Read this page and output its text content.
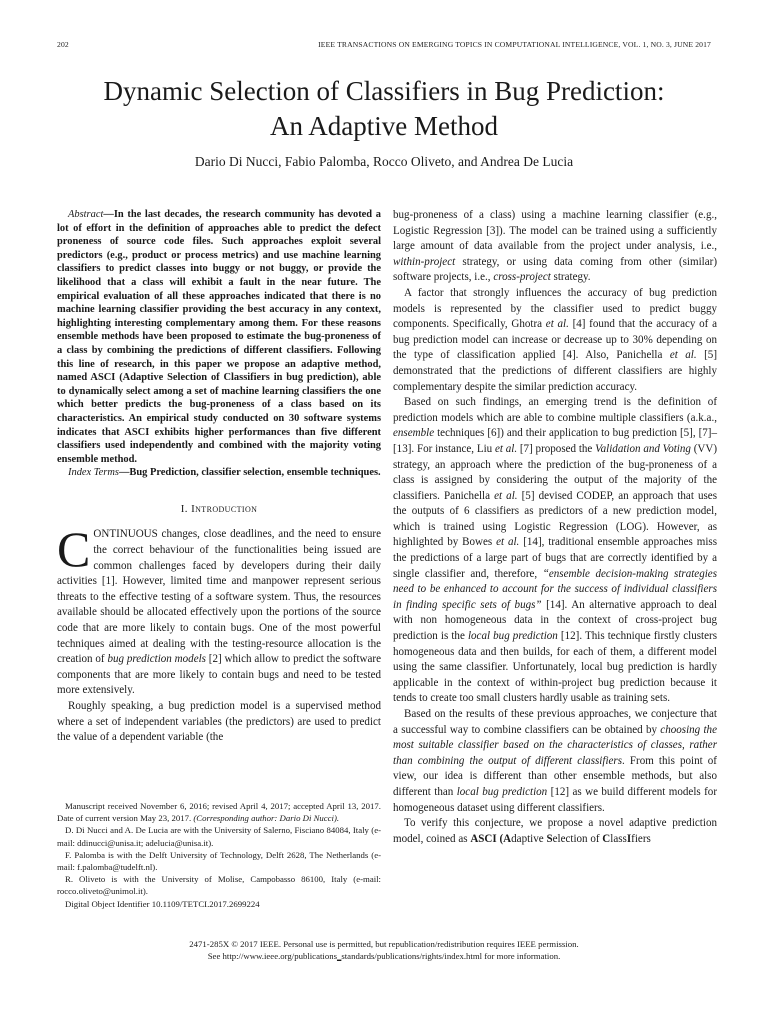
202	IEEE TRANSACTIONS ON EMERGING TOPICS IN COMPUTATIONAL INTELLIGENCE, VOL. 1, NO. 3, JUNE 2017
Dynamic Selection of Classifiers in Bug Prediction:
An Adaptive Method
Dario Di Nucci, Fabio Palomba, Rocco Oliveto, and Andrea De Lucia

Abstract—In the last decades, the research community has devoted a lot of effort in the definition of approaches able to predict the defect proneness of source code files. Such approaches exploit several predictors (e.g., product or process metrics) and use machine learning classifiers to predict classes into buggy or not buggy, or provide the likelihood that a class will exhibit a fault in the near future. The empirical evaluation of all these approaches indicated that there is no machine learning classifier providing the best accuracy in any context, highlighting interesting complementary among them. For these reasons ensemble methods have been proposed to estimate the bug-proneness of a class by combining the predictions of different classifiers. Following this line of research, in this paper we propose an adaptive method, named ASCI (Adaptive Selection of Classifiers in bug prediction), able to dynamically select among a set of machine learning classifiers the one which better predicts the bug-proneness of a class based on its characteristics. An empirical study conducted on 30 software systems indicates that ASCI exhibits higher performances than five different classifiers used independently and combined with the majority voting ensemble method.

Index Terms—Bug Prediction, classifier selection, ensemble techniques.

I. Introduction

CONTINUOUS changes, close deadlines, and the need to ensure the correct behaviour of the functionalities being issued are common challenges faced by developers during their daily activities [1]. However, limited time and manpower represent serious threats to the effective testing of a software system. Thus, the resources available should be allocated effectively upon the portions of the source code that are more likely to contain bugs. One of the most powerful techniques aimed at dealing with the testing-resource allocation is the creation of bug prediction models [2] which allow to predict the software components that are more likely to contain bugs and need to be tested more extensively.

Roughly speaking, a bug prediction model is a supervised method where a set of independent variables (the predictors) are used to predict the value of a dependent variable (the

Manuscript received November 6, 2016; revised April 4, 2017; accepted April 13, 2017. Date of current version May 23, 2017. (Corresponding author: Dario Di Nucci).

D. Di Nucci and A. De Lucia are with the University of Salerno, Fisciano 84084, Italy (e-mail: ddinucci@unisa.it; adelucia@unisa.it).

F. Palomba is with the Delft University of Technology, Delft 2628, The Netherlands (e-mail: f.palomba@tudelft.nl).

R. Oliveto is with the University of Molise, Campobasso 86100, Italy (e-mail: rocco.oliveto@unimol.it).

Digital Object Identifier 10.1109/TETCI.2017.2699224

bug-proneness of a class) using a machine learning classifier (e.g., Logistic Regression [3]). The model can be trained using a sufficiently large amount of data available from the project under analysis, i.e., within-project strategy, or using data coming from other (similar) software projects, i.e., cross-project strategy.

A factor that strongly influences the accuracy of bug prediction models is represented by the classifier used to predict buggy components. Specifically, Ghotra et al. [4] found that the accuracy of a bug prediction model can increase or decrease up to 30% depending on the type of classification applied [4]. Also, Panichella et al. [5] demonstrated that the predictions of different classifiers are highly complementary despite the similar prediction accuracy.

Based on such findings, an emerging trend is the definition of prediction models which are able to combine multiple classifiers (a.k.a., ensemble techniques [6]) and their application to bug prediction [5], [7]–[13]. For instance, Liu et al. [7] proposed the Validation and Voting (VV) strategy, an approach where the prediction of the bug-proneness of a class is assigned by considering the output of the majority of the classifiers. Panichella et al. [5] devised CODEP, an approach that uses the outputs of 6 classifiers as predictors of a new prediction model, which is trained using Logistic Regression (LOG). However, as highlighted by Bowes et al. [14], traditional ensemble approaches miss the predictions of a large part of bugs that are correctly identified by a single classifier and, therefore, “ensemble decision-making strategies need to be enhanced to account for the success of individual classifiers in finding specific sets of bugs” [14]. An alternative approach to deal with non homogeneous data in the context of cross-project bug prediction is the local bug prediction [12]. This technique firstly clusters homogeneous data and then builds, for each of them, a different model using the same classifier. Unfortunately, local bug prediction is hardly applicable in the context of within-project bug prediction because it tends to create too small clusters hardly usable as training sets.

Based on the results of these previous approaches, we conjecture that a successful way to combine classifiers can be obtained by choosing the most suitable classifier based on the characteristics of classes, rather than combining the output of different classifiers. From this point of view, our idea is different than other ensemble methods, but also different than local bug prediction [12] as we build different models for homogeneous dataset using different classifiers.

To verify this conjecture, we propose a novel adaptive prediction model, coined as ASCI (Adaptive Selection of ClassIfiers

2471-285X © 2017 IEEE. Personal use is permitted, but republication/redistribution requires IEEE permission.
See http://www.ieee.org/publications_standards/publications/rights/index.html for more information.
